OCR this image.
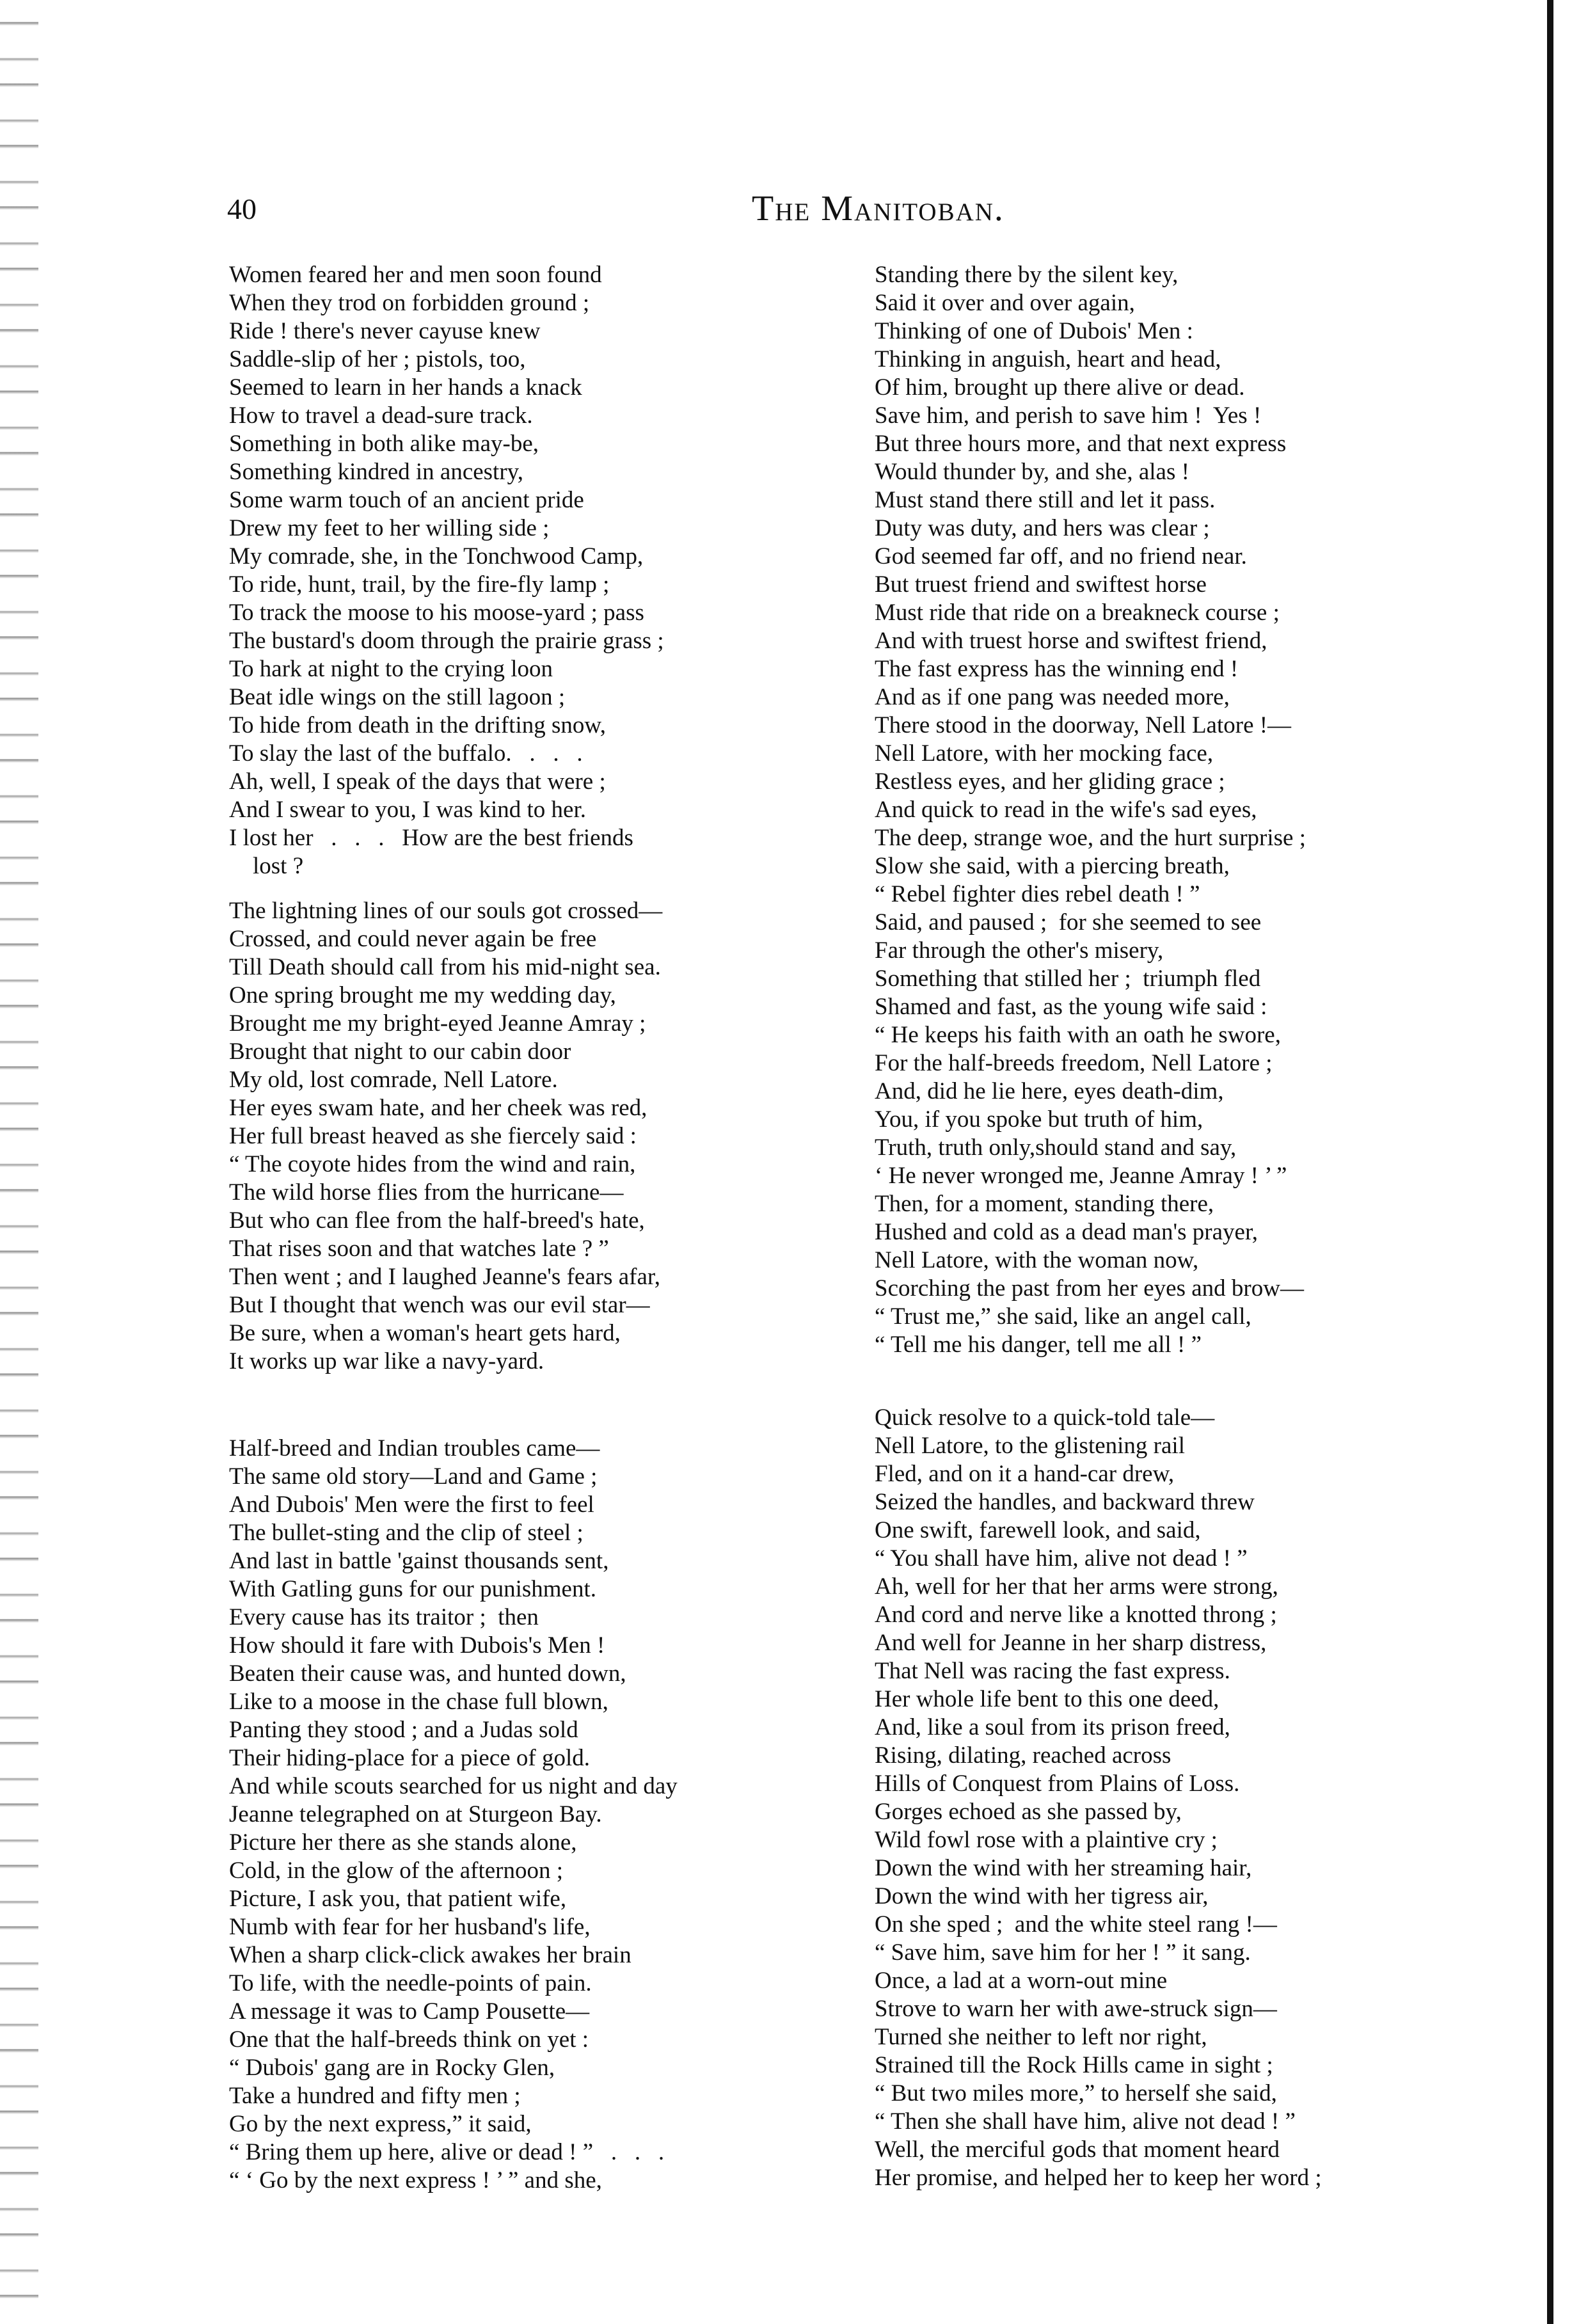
40	The Manitoban.
Women feared her and men soon found
When they trod on forbidden ground ;
Ride ! there's never cayuse knew
Saddle-slip of her ; pistols, too,
Seemed to learn in her hands a knack
How to travel a dead-sure track.
Something in both alike may-be,
Something kindred in ancestry,
Some warm touch of an ancient pride
Drew my feet to her willing side ;
My comrade, she, in the Tonchwood Camp,
To ride, hunt, trail, by the fire-fly lamp ;
To track the moose to his moose-yard ; pass
The bustard's doom through the prairie grass ;
To hark at night to the crying loon
Beat idle wings on the still lagoon ;
To hide from death in the drifting snow,
To slay the last of the buffalo.   .   .   .
Ah, well, I speak of the days that were ;
And I swear to you, I was kind to her.
I lost her   .   .   .   How are the best friends
lost ?
The lightning lines of our souls got crossed—
Crossed, and could never again be free
Till Death should call from his mid-night sea.
One spring brought me my wedding day,
Brought me my bright-eyed Jeanne Amray ;
Brought that night to our cabin door
My old, lost comrade, Nell Latore.
Her eyes swam hate, and her cheek was red,
Her full breast heaved as she fiercely said :
“ The coyote hides from the wind and rain,
The wild horse flies from the hurricane—
But who can flee from the half-breed's hate,
That rises soon and that watches late ? ”
Then went ; and I laughed Jeanne's fears afar,
But I thought that wench was our evil star—
Be sure, when a woman's heart gets hard,
It works up war like a navy-yard.
Half-breed and Indian troubles came—
The same old story—Land and Game ;
And Dubois' Men were the first to feel
The bullet-sting and the clip of steel ;
And last in battle 'gainst thousands sent,
With Gatling guns for our punishment.
Every cause has its traitor ;  then
How should it fare with Dubois's Men !
Beaten their cause was, and hunted down,
Like to a moose in the chase full blown,
Panting they stood ; and a Judas sold
Their hiding-place for a piece of gold.
And while scouts searched for us night and day
Jeanne telegraphed on at Sturgeon Bay.
Picture her there as she stands alone,
Cold, in the glow of the afternoon ;
Picture, I ask you, that patient wife,
Numb with fear for her husband's life,
When a sharp click-click awakes her brain
To life, with the needle-points of pain.
A message it was to Camp Pousette—
One that the half-breeds think on yet :
“ Dubois' gang are in Rocky Glen,
Take a hundred and fifty men ;
Go by the next express,” it said,
“ Bring them up here, alive or dead ! ”   .   .   .
“ ‘ Go by the next express ! ’ ” and she,
Standing there by the silent key,
Said it over and over again,
Thinking of one of Dubois' Men :
Thinking in anguish, heart and head,
Of him, brought up there alive or dead.
Save him, and perish to save him !  Yes !
But three hours more, and that next express
Would thunder by, and she, alas !
Must stand there still and let it pass.
Duty was duty, and hers was clear ;
God seemed far off, and no friend near.
But truest friend and swiftest horse
Must ride that ride on a breakneck course ;
And with truest horse and swiftest friend,
The fast express has the winning end !
And as if one pang was needed more,
There stood in the doorway, Nell Latore !—
Nell Latore, with her mocking face,
Restless eyes, and her gliding grace ;
And quick to read in the wife's sad eyes,
The deep, strange woe, and the hurt surprise ;
Slow she said, with a piercing breath,
“ Rebel fighter dies rebel death ! ”
Said, and paused ;  for she seemed to see
Far through the other's misery,
Something that stilled her ;  triumph fled
Shamed and fast, as the young wife said :
“ He keeps his faith with an oath he swore,
For the half-breeds freedom, Nell Latore ;
And, did he lie here, eyes death-dim,
You, if you spoke but truth of him,
Truth, truth only,should stand and say,
‘ He never wronged me, Jeanne Amray ! ’ ”
Then, for a moment, standing there,
Hushed and cold as a dead man's prayer,
Nell Latore, with the woman now,
Scorching the past from her eyes and brow—
“ Trust me,” she said, like an angel call,
“ Tell me his danger, tell me all ! ”
Quick resolve to a quick-told tale—
Nell Latore, to the glistening rail
Fled, and on it a hand-car drew,
Seized the handles, and backward threw
One swift, farewell look, and said,
“ You shall have him, alive not dead ! ”
Ah, well for her that her arms were strong,
And cord and nerve like a knotted throng ;
And well for Jeanne in her sharp distress,
That Nell was racing the fast express.
Her whole life bent to this one deed,
And, like a soul from its prison freed,
Rising, dilating, reached across
Hills of Conquest from Plains of Loss.
Gorges echoed as she passed by,
Wild fowl rose with a plaintive cry ;
Down the wind with her streaming hair,
Down the wind with her tigress air,
On she sped ;  and the white steel rang !—
“ Save him, save him for her ! ” it sang.
Once, a lad at a worn-out mine
Strove to warn her with awe-struck sign—
Turned she neither to left nor right,
Strained till the Rock Hills came in sight ;
“ But two miles more,” to herself she said,
“ Then she shall have him, alive not dead ! ”
Well, the merciful gods that moment heard
Her promise, and helped her to keep her word ;
